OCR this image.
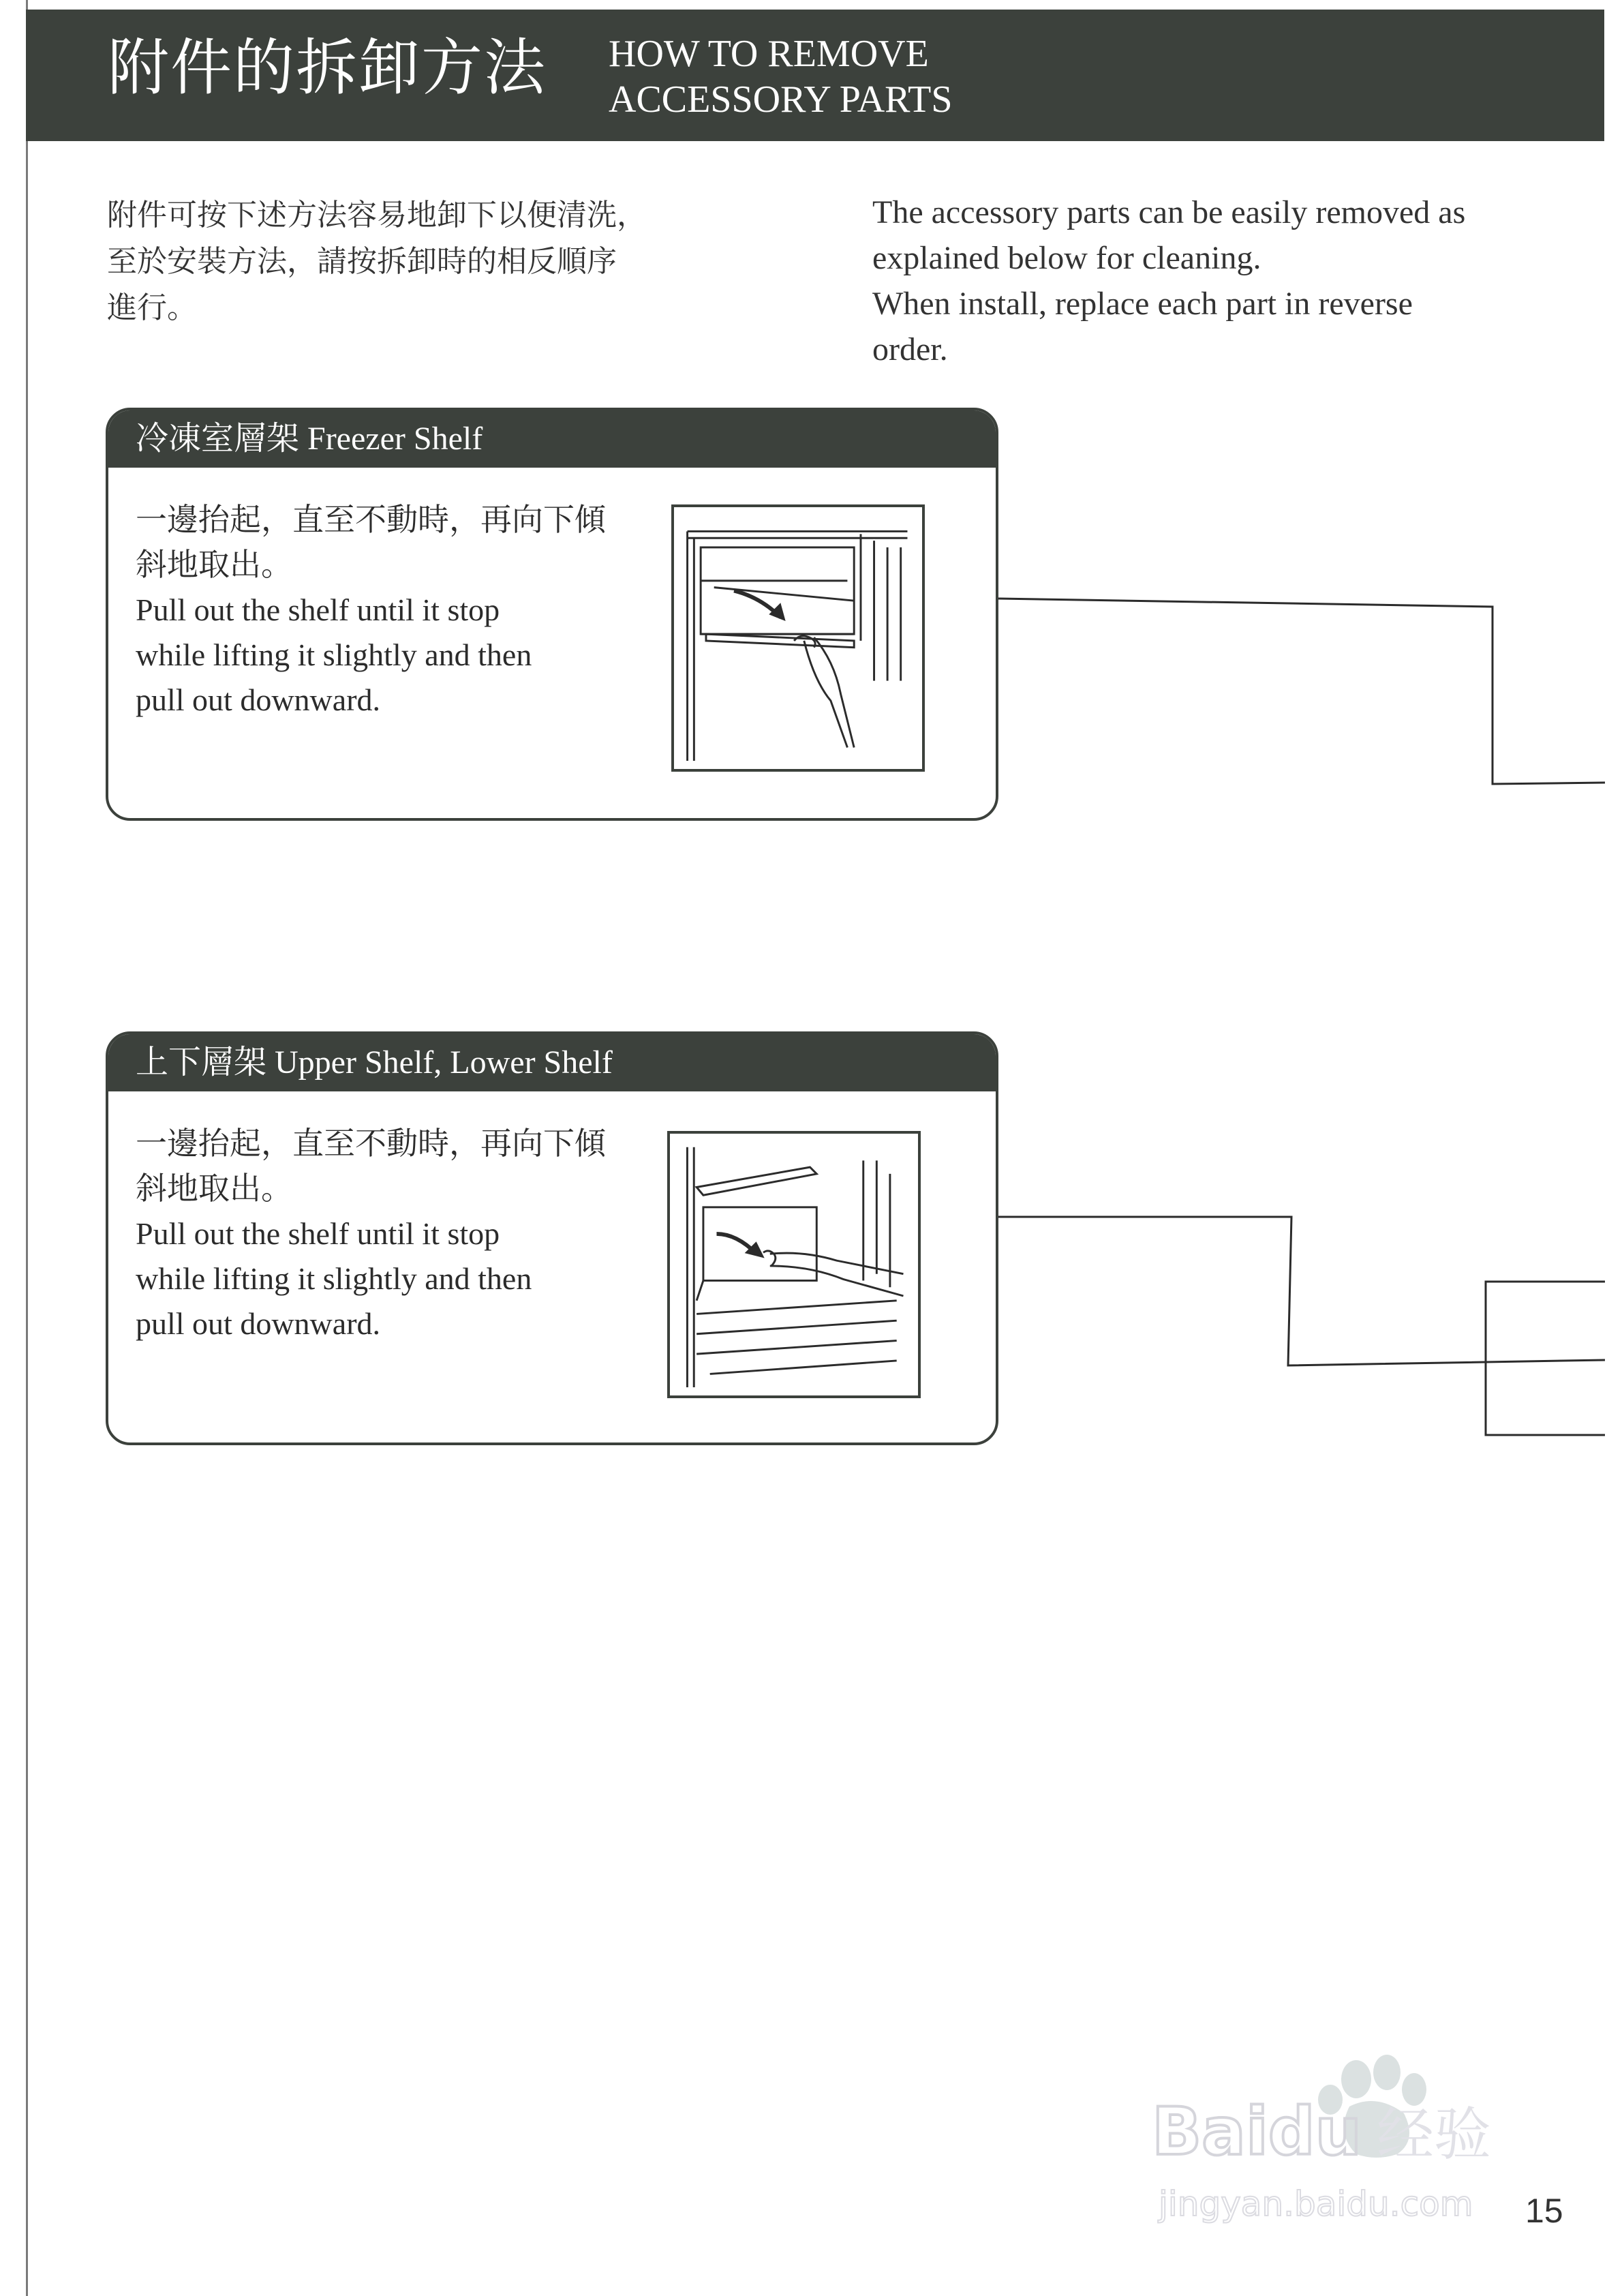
附件的拆卸方法 HOW TO REMOVE
ACCESSORY PARTS

附件可按下述方法容易地卸下以便清洗，

至於安裝方法，請按拆卸時的相反順序

進行。

The accessory parts can be easily removed as

explained below for cleaning.

When install, replace each part in reverse

order.

冷凍室層架 Freezer Shelf

一邊抬起，直至不動時，再向下傾

斜地取出。

Pull out the shelf until it stop

while lifting it slightly and then

pull out downward.

上下層架 Upper Shelf, Lower Shelf

一邊抬起，直至不動時，再向下傾

斜地取出。

Pull out the shelf until it stop

while lifting it slightly and then

pull out downward.

Baidu 经验
jingyan.baidu.com 15
